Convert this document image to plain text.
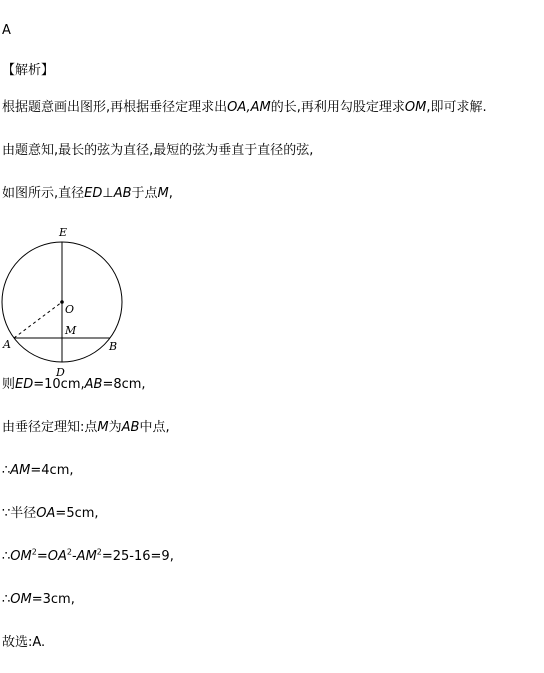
A
【解析】
根据题意画出图形,再根据垂径定理求出OA,AM的长,再利用勾股定理求OM,即可求解.
由题意知,最长的弦为直径,最短的弦为垂直于直径的弦,
如图所示,直径ED⊥AB于点M,
E
O
M
A	B
D
则ED=10cm,AB=8cm,
由垂径定理知:点M为AB中点,
∴AM=4cm,
∵半径OA=5cm,
$\therefore OM^2=OA^2-AM^2=25-16=9$,
∴OM=3cm,
故选:A.
